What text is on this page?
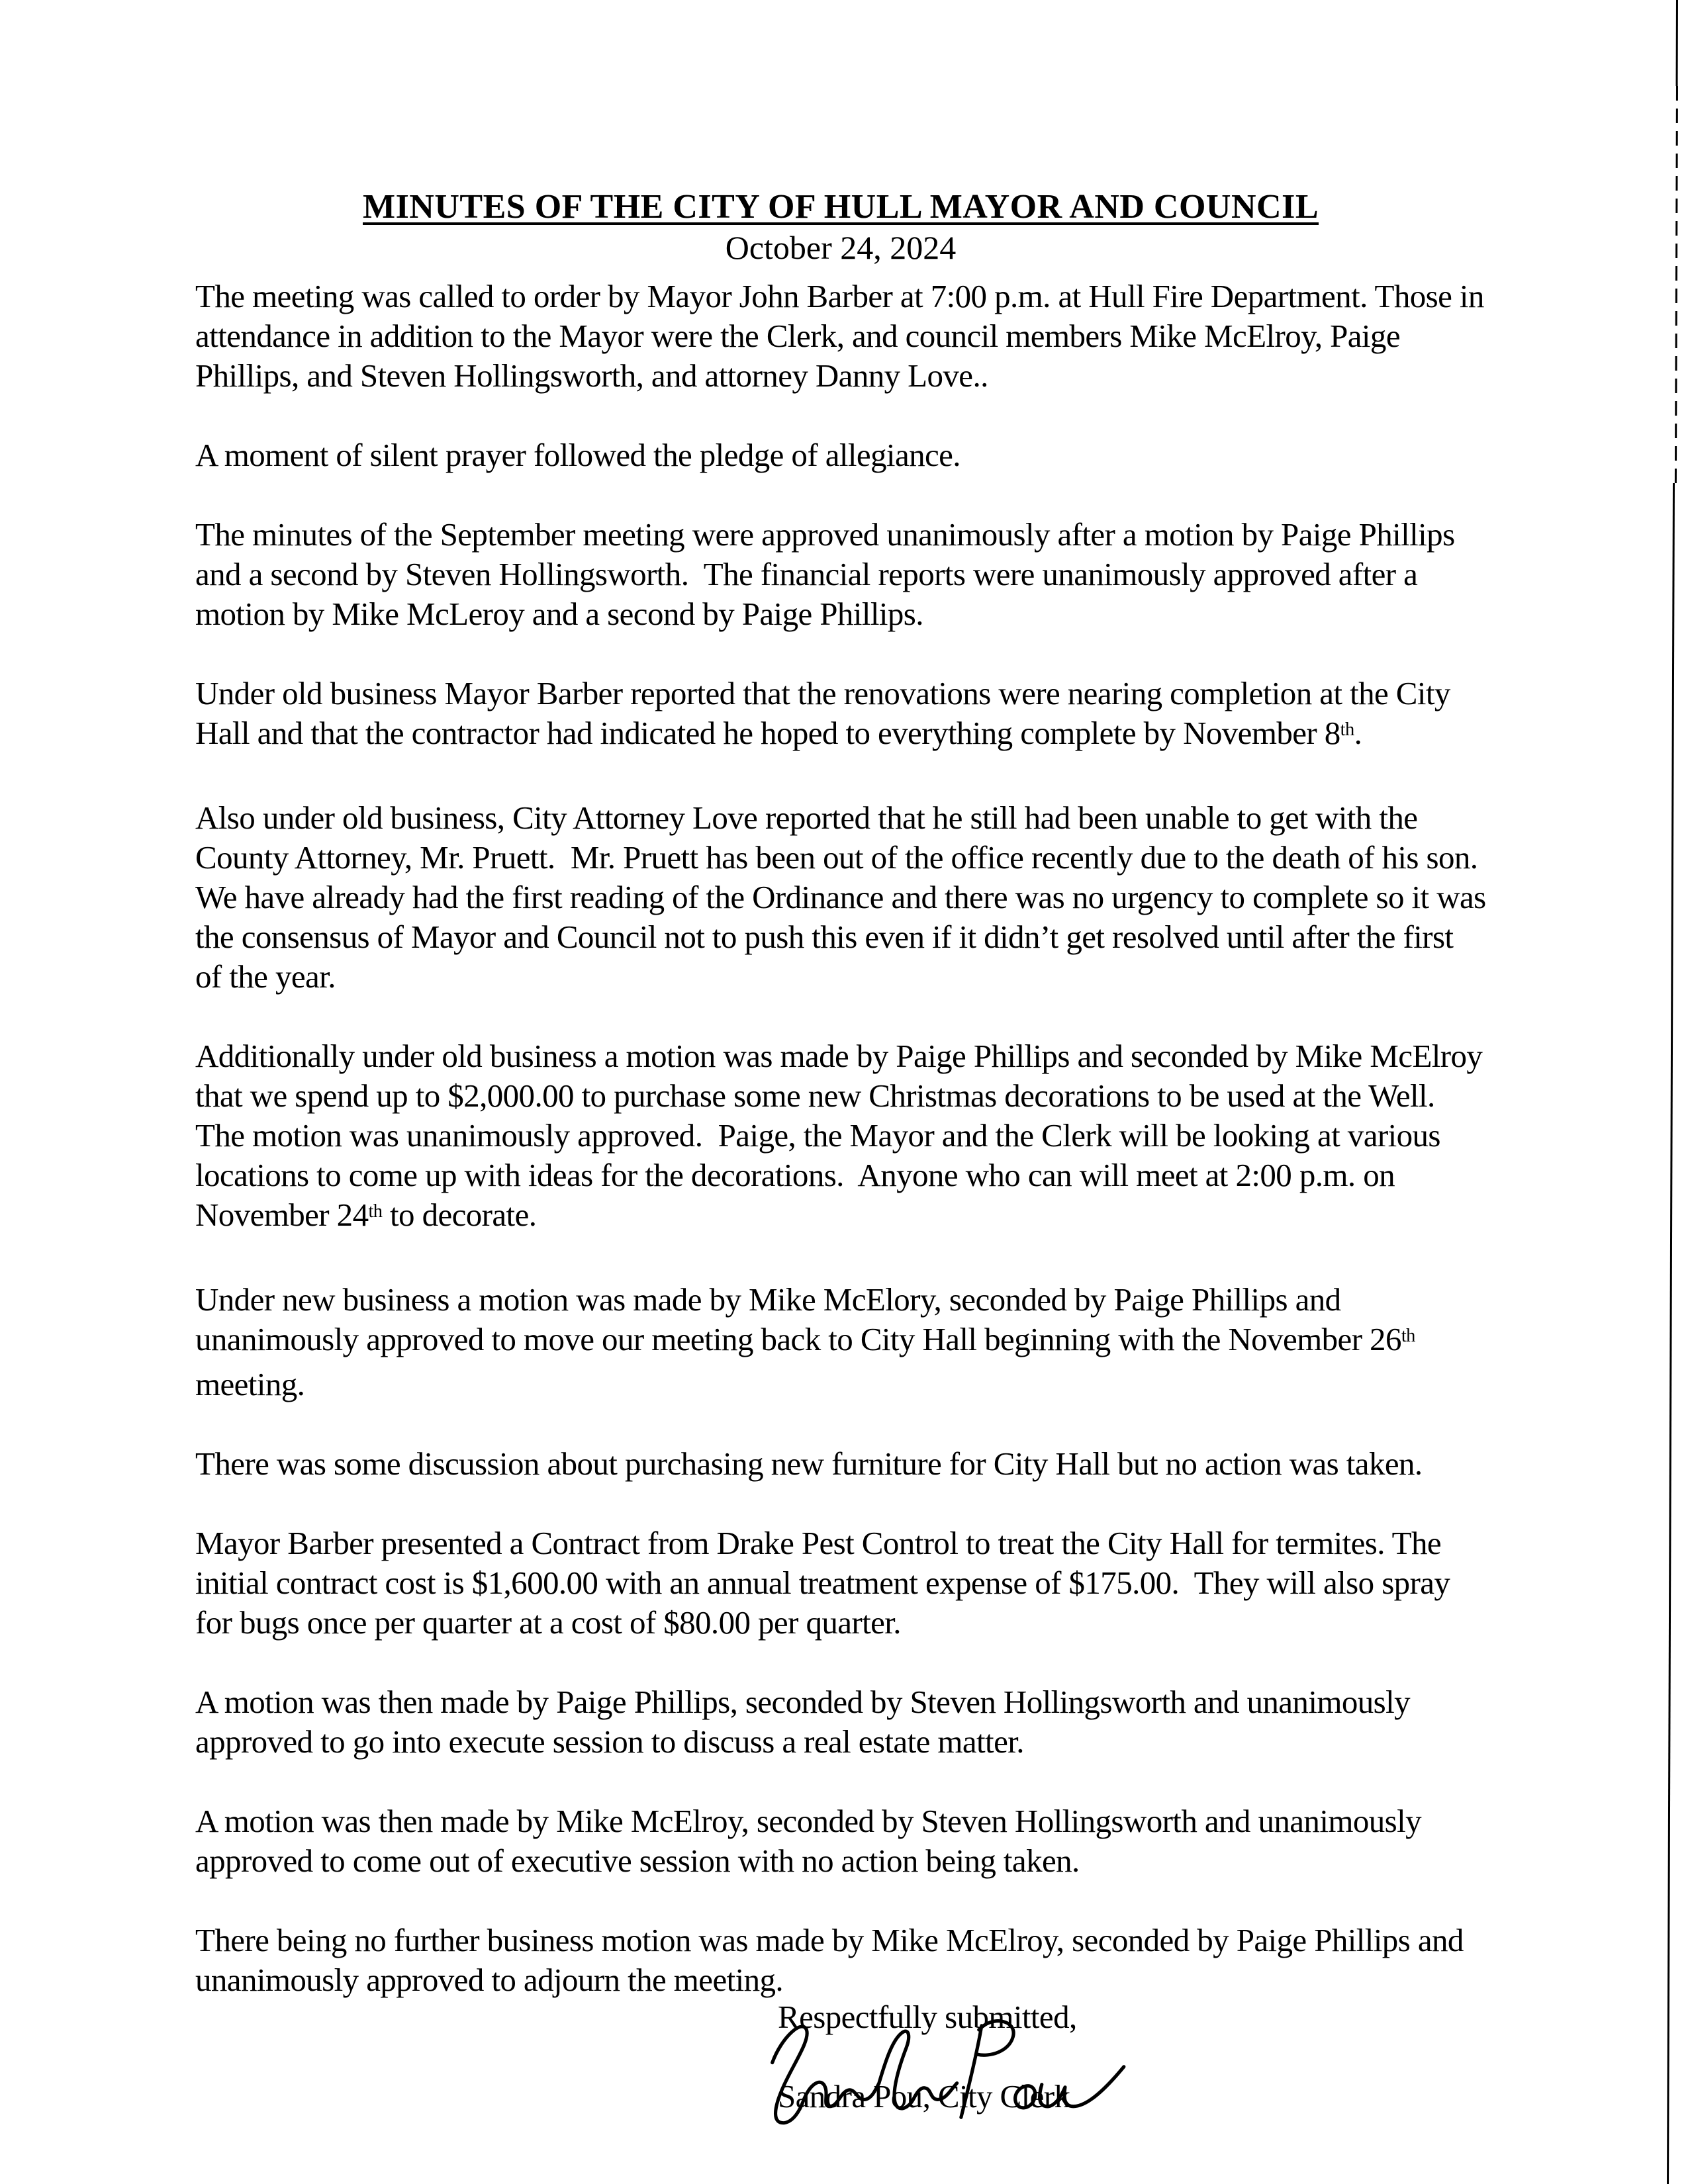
MINUTES OF THE CITY OF HULL MAYOR AND COUNCIL
October 24, 2024

The meeting was called to order by Mayor John Barber at 7:00 p.m. at Hull Fire Department. Those in attendance in addition to the Mayor were the Clerk, and council members Mike McElroy, Paige Phillips, and Steven Hollingsworth, and attorney Danny Love..

A moment of silent prayer followed the pledge of allegiance.

The minutes of the September meeting were approved unanimously after a motion by Paige Phillips and a second by Steven Hollingsworth.  The financial reports were unanimously approved after a motion by Mike McLeroy and a second by Paige Phillips.

Under old business Mayor Barber reported that the renovations were nearing completion at the City Hall and that the contractor had indicated he hoped to everything complete by November 8th.

Also under old business, City Attorney Love reported that he still had been unable to get with the County Attorney, Mr. Pruett.  Mr. Pruett has been out of the office recently due to the death of his son.  We have already had the first reading of the Ordinance and there was no urgency to complete so it was the consensus of Mayor and Council not to push this even if it didn’t get resolved until after the first of the year.

Additionally under old business a motion was made by Paige Phillips and seconded by Mike McElroy that we spend up to $2,000.00 to purchase some new Christmas decorations to be used at the Well. The motion was unanimously approved.  Paige, the Mayor and the Clerk will be looking at various locations to come up with ideas for the decorations.  Anyone who can will meet at 2:00 p.m. on November 24th to decorate.

Under new business a motion was made by Mike McElory, seconded by Paige Phillips and unanimously approved to move our meeting back to City Hall beginning with the November 26th meeting.

There was some discussion about purchasing new furniture for City Hall but no action was taken.

Mayor Barber presented a Contract from Drake Pest Control to treat the City Hall for termites. The initial contract cost is $1,600.00 with an annual treatment expense of $175.00.  They will also spray for bugs once per quarter at a cost of $80.00 per quarter.

A motion was then made by Paige Phillips, seconded by Steven Hollingsworth and unanimously approved to go into execute session to discuss a real estate matter.

A motion was then made by Mike McElroy, seconded by Steven Hollingsworth and unanimously approved to come out of executive session with no action being taken.

There being no further business motion was made by Mike McElroy, seconded by Paige Phillips and unanimously approved to adjourn the meeting.

Respectfully submitted,
Sandra Pou, City Clerk
